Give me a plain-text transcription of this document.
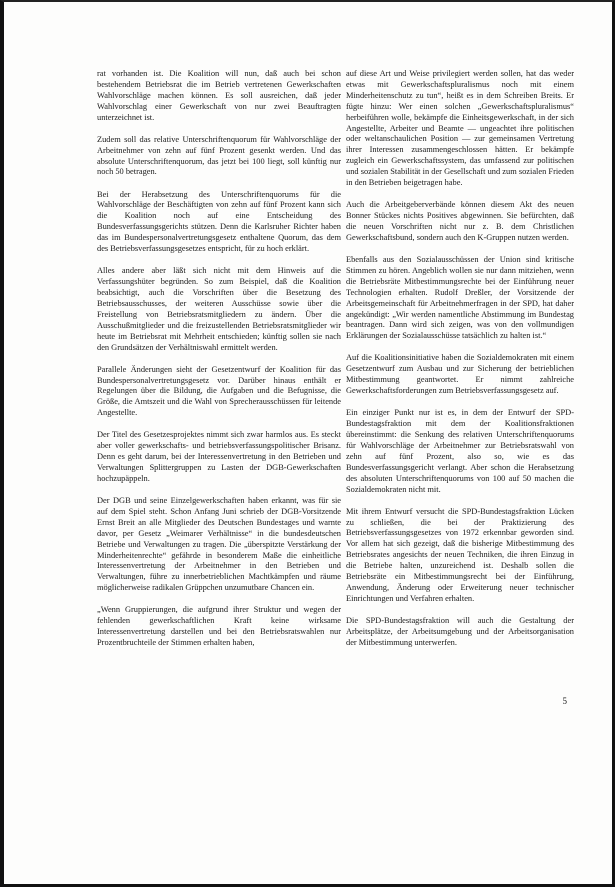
rat vorhanden ist. Die Koalition will nun, daß auch bei schon bestehendem Betriebsrat die im Betrieb vertretenen Gewerkschaften Wahlvorschläge machen können. Es soll ausreichen, daß jeder Wahlvorschlag einer Gewerkschaft von nur zwei Beauftragten unterzeichnet ist.

Zudem soll das relative Unterschriftenquorum für Wahlvorschläge der Arbeitnehmer von zehn auf fünf Prozent gesenkt werden. Und das absolute Unterschriftenquorum, das jetzt bei 100 liegt, soll künftig nur noch 50 betragen.

Bei der Herabsetzung des Unterschriftenquorums für die Wahlvorschläge der Beschäftigten von zehn auf fünf Prozent kann sich die Koalition noch auf eine Entscheidung des Bundesverfassungsgerichts stützen. Denn die Karlsruher Richter haben das im Bundespersonalvertretungsgesetz enthaltene Quorum, das dem des Betriebsverfassungsgesetzes entspricht, für zu hoch erklärt.

Alles andere aber läßt sich nicht mit dem Hinweis auf die Verfassungshüter begründen. So zum Beispiel, daß die Koalition beabsichtigt, auch die Vorschriften über die Besetzung des Betriebsausschusses, der weiteren Ausschüsse sowie über die Freistellung von Betriebsratsmitgliedern zu ändern. Über die Ausschußmitglieder und die freizustellenden Betriebsratsmitglieder wir heute im Betriebsrat mit Mehrheit entschieden; künftig sollen sie nach den Grundsätzen der Verhältniswahl ermittelt werden.

Parallele Änderungen sieht der Gesetzentwurf der Koalition für das Bundespersonalvertretungsgesetz vor. Darüber hinaus enthält er Regelungen über die Bildung, die Aufgaben und die Befugnisse, die Größe, die Amtszeit und die Wahl von Sprecherausschüssen für leitende Angestellte.

Der Titel des Gesetzesprojektes nimmt sich zwar harmlos aus. Es steckt aber voller gewerkschafts- und betriebsverfassungspolitischer Brisanz. Denn es geht darum, bei der Interessenvertretung in den Betrieben und Verwaltungen Splittergruppen zu Lasten der DGB-Gewerkschaften hochzupäppeln.

Der DGB und seine Einzelgewerkschaften haben erkannt, was für sie auf dem Spiel steht. Schon Anfang Juni schrieb der DGB-Vorsitzende Ernst Breit an alle Mitglieder des Deutschen Bundestages und warnte davor, per Gesetz „Weimarer Verhältnisse“ in die bundesdeutschen Betriebe und Verwaltungen zu tragen. Die „überspitzte Verstärkung der Minderheitenrechte“ gefährde in besonderem Maße die einheitliche Interessenvertretung der Arbeitnehmer in den Betrieben und Verwaltungen, führe zu innerbetrieblichen Machtkämpfen und räume möglicherweise radikalen Grüppchen unzumutbare Chancen ein.

„Wenn Gruppierungen, die aufgrund ihrer Struktur und wegen der fehlenden gewerkschaftlichen Kraft keine wirksame Interessenvertretung darstellen und bei den Betriebsratswahlen nur Prozentbruchteile der Stimmen erhalten haben,

auf diese Art und Weise privilegiert werden sollen, hat das weder etwas mit Gewerkschaftspluralismus noch mit einem Minderheitenschutz zu tun“, heißt es in dem Schreiben Breits. Er fügte hinzu: Wer einen solchen „Gewerkschaftspluralismus“ herbeiführen wolle, bekämpfe die Einheitsgewerkschaft, in der sich Angestellte, Arbeiter und Beamte — ungeachtet ihre politischen oder weltanschaulichen Position — zur gemeinsamen Vertretung ihrer Interessen zusammengeschlossen hätten. Er bekämpfe zugleich ein Gewerkschaftssystem, das umfassend zur politischen und sozialen Stabilität in der Gesellschaft und zum sozialen Frieden in den Betrieben beigetragen habe.

Auch die Arbeitgeberverbände können diesem Akt des neuen Bonner Stückes nichts Positives abgewinnen. Sie befürchten, daß die neuen Vorschriften nicht nur z. B. dem Christlichen Gewerkschaftsbund, sondern auch den K-Gruppen nutzen werden.

Ebenfalls aus den Sozialausschüssen der Union sind kritische Stimmen zu hören. Angeblich wollen sie nur dann mitziehen, wenn die Betriebsräte Mitbestimmungsrechte bei der Einführung neuer Technologien erhalten. Rudolf Dreßler, der Vorsitzende der Arbeitsgemeinschaft für Arbeitnehmerfragen in der SPD, hat daher angekündigt: „Wir werden namentliche Abstimmung im Bundestag beantragen. Dann wird sich zeigen, was von den vollmundigen Erklärungen der Sozialausschüsse tatsächlich zu halten ist.“

Auf die Koalitionsinitiative haben die Sozialdemokraten mit einem Gesetzentwurf zum Ausbau und zur Sicherung der betrieblichen Mitbestimmung geantwortet. Er nimmt zahlreiche Gewerkschaftsforderungen zum Betriebsverfassungsgesetz auf.

Ein einziger Punkt nur ist es, in dem der Entwurf der SPD-Bundestagsfraktion mit dem der Koalitionsfraktionen übereinstimmt: die Senkung des relativen Unterschriftenquorums für Wahlvorschläge der Arbeitnehmer zur Betriebsratswahl von zehn auf fünf Prozent, also so, wie es das Bundesverfassungsgericht verlangt. Aber schon die Herabsetzung des absoluten Unterschriftenquorums von 100 auf 50 machen die Sozialdemokraten nicht mit.

Mit ihrem Entwurf versucht die SPD-Bundestagsfraktion Lücken zu schließen, die bei der Praktizierung des Betriebsverfassungsgesetzes von 1972 erkennbar geworden sind. Vor allem hat sich gezeigt, daß die bisherige Mitbestimmung des Betriebsrates angesichts der neuen Techniken, die ihren Einzug in die Betriebe halten, unzureichend ist. Deshalb sollen die Betriebsräte ein Mitbestimmungsrecht bei der Einführung, Anwendung, Änderung oder Erweiterung neuer technischer Einrichtungen und Verfahren erhalten.

Die SPD-Bundestagsfraktion will auch die Gestaltung der Arbeitsplätze, der Arbeitsumgebung und der Arbeitsorganisation der Mitbestimmung unterwerfen.

5
